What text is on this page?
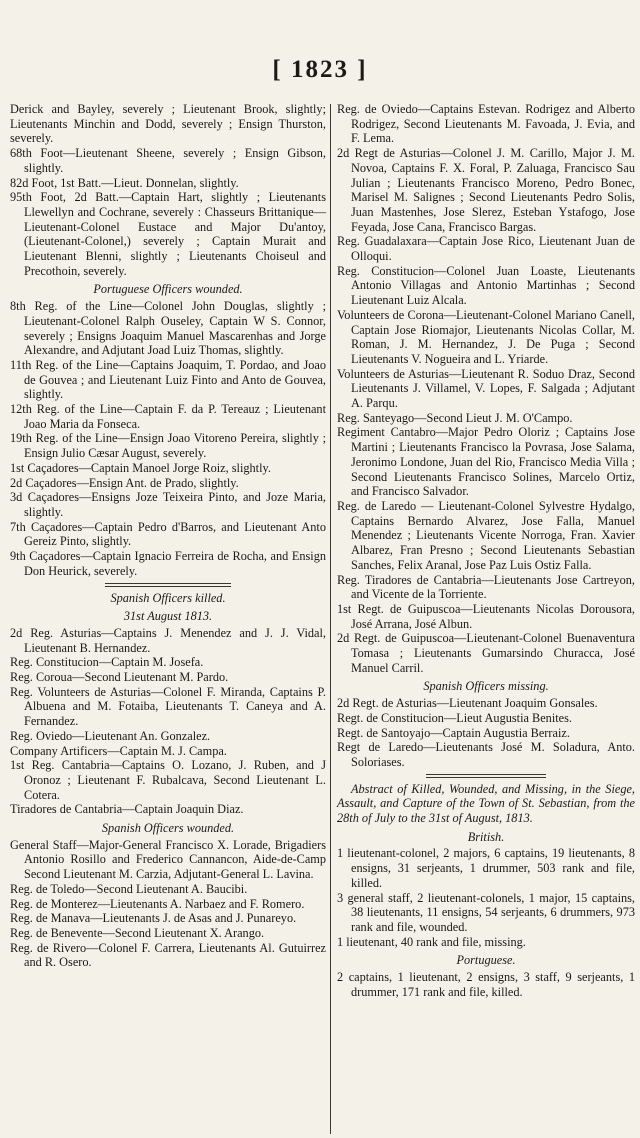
[ 1823 ]

Derick and Bayley, severely ; Lieutenant Brook, slightly; Lieutenants Minchin and Dodd, severely ; Ensign Thurston, severely.

68th Foot—Lieutenant Sheene, severely ; Ensign Gibson, slightly.

82d Foot, 1st Batt.—Lieut. Donnelan, slightly.

95th Foot, 2d Batt.—Captain Hart, slightly ; Lieutenants Llewellyn and Cochrane, severely : Chasseurs Brittanique—Lieutenant-Colonel Eustace and Major Du'antoy, (Lieutenant-Colonel,) severely ; Captain Murait and Lieutenant Blenni, slightly ; Lieutenants Choiseul and Precothoin, severely.

Portuguese Officers wounded.

8th Reg. of the Line—Colonel John Douglas, slightly ; Lieutenant-Colonel Ralph Ouseley, Captain W S. Connor, severely ; Ensigns Joaquim Manuel Mascarenhas and Jorge Alexandre, and Adjutant Joad Luiz Thomas, slightly.

11th Reg. of the Line—Captains Joaquim, T. Pordao, and Joao de Gouvea ; and Lieutenant Luiz Finto and Anto de Gouvea, slightly.

12th Reg. of the Line—Captain F. da P. Tereauz ; Lieutenant Joao Maria da Fonseca.

19th Reg. of the Line—Ensign Joao Vitoreno Pereira, slightly ; Ensign Julio Cæsar August, severely.

1st Caçadores—Captain Manoel Jorge Roiz, slightly.

2d Caçadores—Ensign Ant. de Prado, slightly.

3d Caçadores—Ensigns Joze Teixeira Pinto, and Joze Maria, slightly.

7th Caçadores—Captain Pedro d'Barros, and Lieutenant Anto Gereiz Pinto, slightly.

9th Caçadores—Captain Ignacio Ferreira de Rocha, and Ensign Don Heurick, severely.

Spanish Officers killed.

31st August 1813.

2d Reg. Asturias—Captains J. Menendez and J. J. Vidal, Lieutenant B. Hernandez.

Reg. Constitucion—Captain M. Josefa.

Reg. Coroua—Second Lieutenant M. Pardo.

Reg. Volunteers de Asturias—Colonel F. Miranda, Captains P. Albuena and M. Fotaiba, Lieutenants T. Caneya and A. Fernandez.

Reg. Oviedo—Lieutenant An. Gonzalez.

Company Artificers—Captain M. J. Campa.

1st Reg. Cantabria—Captains O. Lozano, J. Ruben, and J Oronoz ; Lieutenant F. Rubalcava, Second Lieutenant L. Cotera.

Tiradores de Cantabria—Captain Joaquin Diaz.

Spanish Officers wounded.

General Staff—Major-General Francisco X. Lorade, Brigadiers Antonio Rosillo and Frederico Cannancon, Aide-de-Camp Second Lieutenant M. Carzia, Adjutant-General L. Lavina.

Reg. de Toledo—Second Lieutenant A. Baucibi.

Reg. de Monterez—Lieutenants A. Narbaez and F. Romero.

Reg. de Manava—Lieutenants J. de Asas and J. Punareyo.

Reg. de Benevente—Second Lieutenant X. Arango.

Reg. de Rivero—Colonel F. Carrera, Lieutenants Al. Gutuirrez and R. Osero.

Reg. de Oviedo—Captains Estevan. Rodrigez and Alberto Rodrigez, Second Lieutenants M. Favoada, J. Evia, and F. Lema.

2d Regt de Asturias—Colonel J. M. Carillo, Major J. M. Novoa, Captains F. X. Foral, P. Zaluaga, Francisco Sau Julian ; Lieutenants Francisco Moreno, Pedro Bonec, Marisel M. Salignes ; Second Lieutenants Pedro Solis, Juan Mastenhes, Jose Slerez, Esteban Ystafogo, Jose Feyada, Jose Cana, Francisco Bargas.

Reg. Guadalaxara—Captain Jose Rico, Lieutenant Juan de Olloqui.

Reg. Constitucion—Colonel Juan Loaste, Lieutenants Antonio Villagas and Antonio Martinhas ; Second Lieutenant Luiz Alcala.

Volunteers de Corona—Lieutenant-Colonel Mariano Canell, Captain Jose Riomajor, Lieutenants Nicolas Collar, M. Roman, J. M. Hernandez, J. De Puga ; Second Lieutenants V. Nogueira and L. Yriarde.

Volunteers de Asturias—Lieutenant R. Soduo Draz, Second Lieutenants J. Villamel, V. Lopes, F. Salgada ; Adjutant A. Parqu.

Reg. Santeyago—Second Lieut J. M. O'Campo.

Regiment Cantabro—Major Pedro Oloriz ; Captains Jose Martini ; Lieutenants Francisco la Povrasa, Jose Salama, Jeronimo Londone, Juan del Rio, Francisco Media Villa ; Second Lieutenants Francisco Solines, Marcelo Ortiz, and Francisco Salvador.

Reg. de Laredo — Lieutenant-Colonel Sylvestre Hydalgo, Captains Bernardo Alvarez, Jose Falla, Manuel Menendez ; Lieutenants Vicente Norroga, Fran. Xavier Albarez, Fran Presno ; Second Lieutenants Sebastian Sanches, Felix Aranal, Jose Paz Luis Ostiz Falla.

Reg. Tiradores de Cantabria—Lieutenants Jose Cartreyon, and Vicente de la Torriente.

1st Regt. de Guipuscoa—Lieutenants Nicolas Dorousora, José Arrana, José Albun.

2d Regt. de Guipuscoa—Lieutenant-Colonel Buenaventura Tomasa ; Lieutenants Gumarsindo Churacca, José Manuel Carril.

Spanish Officers missing.

2d Regt. de Asturias—Lieutenant Joaquim Gonsales.

Regt. de Constitucion—Lieut Augustia Benites.

Regt. de Santoyajo—Captain Augustia Berraiz.

Regt de Laredo—Lieutenants José M. Soladura, Anto. Soloriases.

Abstract of Killed, Wounded, and Missing, in the Siege, Assault, and Capture of the Town of St. Sebastian, from the 28th of July to the 31st of August, 1813.

British.

1 lieutenant-colonel, 2 majors, 6 captains, 19 lieutenants, 8 ensigns, 31 serjeants, 1 drummer, 503 rank and file, killed.

3 general staff, 2 lieutenant-colonels, 1 major, 15 captains, 38 lieutenants, 11 ensigns, 54 serjeants, 6 drummers, 973 rank and file, wounded.

1 lieutenant, 40 rank and file, missing.

Portuguese.

2 captains, 1 lieutenant, 2 ensigns, 3 staff, 9 serjeants, 1 drummer, 171 rank and file, killed.
